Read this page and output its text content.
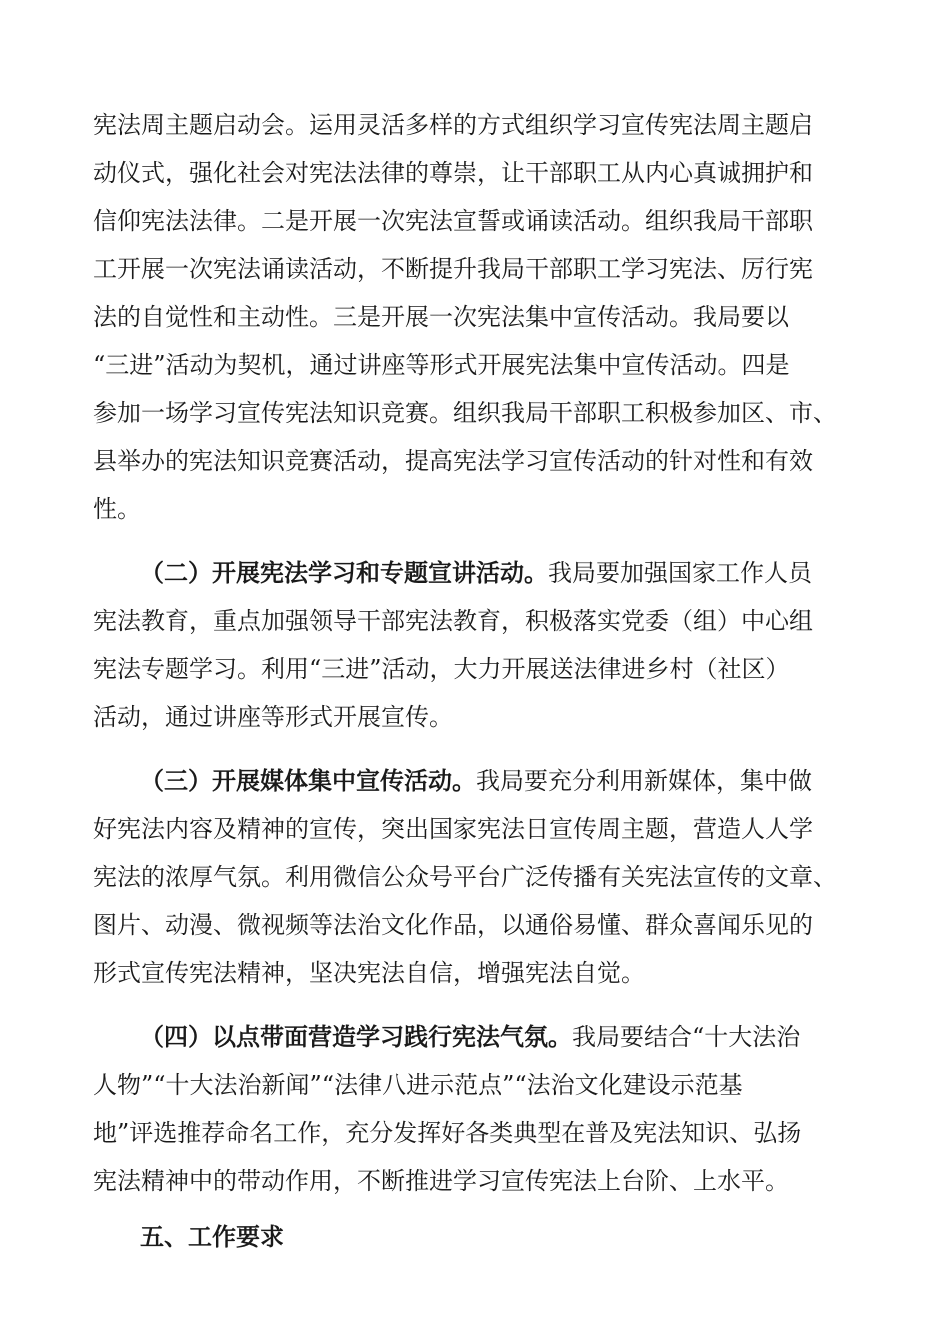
宪法周主题启动会。运用灵活多样的方式组织学习宣传宪法周主题启
动仪式，强化社会对宪法法律的尊崇，让干部职工从内心真诚拥护和
信仰宪法法律。二是开展一次宪法宣誓或诵读活动。组织我局干部职
工开展一次宪法诵读活动，不断提升我局干部职工学习宪法、厉行宪
法的自觉性和主动性。三是开展一次宪法集中宣传活动。我局要以
“三进”活动为契机，通过讲座等形式开展宪法集中宣传活动。四是
参加一场学习宣传宪法知识竞赛。组织我局干部职工积极参加区、市、
县举办的宪法知识竞赛活动，提高宪法学习宣传活动的针对性和有效
性。
（二）开展宪法学习和专题宣讲活动。我局要加强国家工作人员
宪法教育，重点加强领导干部宪法教育，积极落实党委（组）中心组
宪法专题学习。利用“三进”活动，大力开展送法律进乡村（社区）
活动，通过讲座等形式开展宣传。
（三）开展媒体集中宣传活动。我局要充分利用新媒体，集中做
好宪法内容及精神的宣传，突出国家宪法日宣传周主题，营造人人学
宪法的浓厚气氛。利用微信公众号平台广泛传播有关宪法宣传的文章、
图片、动漫、微视频等法治文化作品，以通俗易懂、群众喜闻乐见的
形式宣传宪法精神，坚决宪法自信，增强宪法自觉。
（四）以点带面营造学习践行宪法气氛。我局要结合“十大法治
人物”“十大法治新闻”“法律八进示范点”“法治文化建设示范基
地”评选推荐命名工作，充分发挥好各类典型在普及宪法知识、弘扬
宪法精神中的带动作用，不断推进学习宣传宪法上台阶、上水平。
五、工作要求
